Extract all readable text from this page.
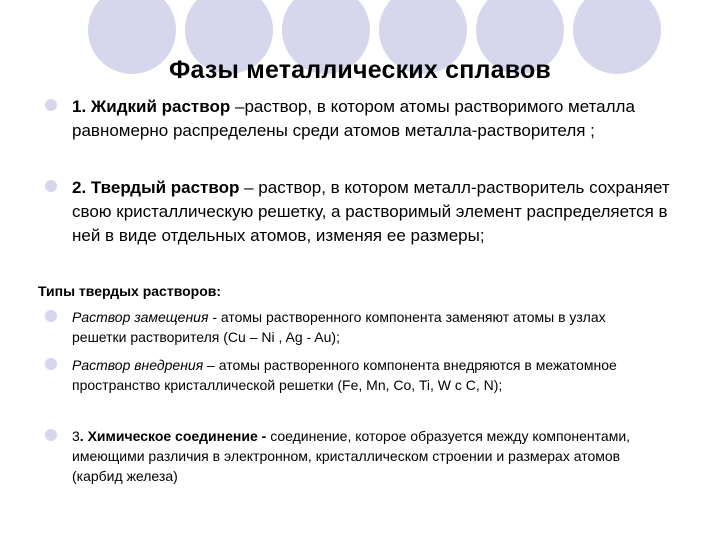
Фазы металлических сплавов
1. Жидкий раствор –раствор, в котором атомы растворимого металла равномерно распределены среди атомов металла-растворителя ;
2. Твердый раствор – раствор, в котором металл-растворитель сохраняет свою кристаллическую решетку, а растворимый элемент распределяется в ней в виде отдельных атомов, изменяя ее размеры;
Типы твердых растворов:
Раствор замещения - атомы растворенного компонента заменяют атомы в узлах решетки растворителя (Cu – Ni , Ag - Au);
Раствор внедрения – атомы растворенного компонента внедряются в межатомное пространство кристаллической решетки (Fe, Mn, Co, Ti, W с C, N);
3. Химическое соединение - соединение, которое образуется между компонентами, имеющими различия в электронном, кристаллическом строении и размерах атомов (карбид железа)
